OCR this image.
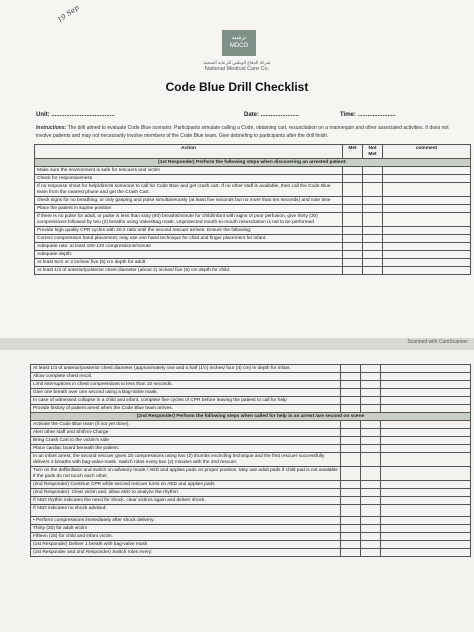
19 Sep
ترشيد
MDCO
شركة الدفاع الوطني للرعاية الصحية
National Medical Care Co.
Code Blue Drill Checklist
Unit: ......................................	Date: .......................	Time: .......................
Instructions: The drill aimed to evaluate Code Blue scenario: Participants simulate calling a Code, obtaining cart, resuscitation on a mannequin and other associated activities. It does not involve patients and may not necessarily involve members of the Code Blue team. Give debriefing to participants after the drill finish.
Action	Met	Not Met	comment
(1st Responder) Perform the following steps when discovering an arrested patient:			
Make sure the environment is safe for rescuers and victim			
Check for responsiveness			
If no response shout for help/directs someone to call for Code Blue and get crash cart. If no other staff is available, then call the Code Blue team from the nearest phone and get the Crash Cart.			
check signs for no breathing, or only gasping and pulse simultaneously (at least five seconds but no more than ten seconds) and note time			
Place the patient in supine position			
If there is no pulse for adult, or pulse is less than sixty (60) breaths/minute for child/infant with signs of poor perfusion, give thirty (30) compressions followed by two (2) breaths using Valve/Bag mask. Unprotected mouth-to-mouth resuscitation is not to be performed			
Provide high quality CPR cycles with 30:2 ratio until the second rescuer arrives. Ensure the following:			
Correct compression hand placement; may use one hand technique for child and finger placement for infant.			
Adequate rate: at least 100-120 compressions/minute			
Adequate depth:			
At least 5cm or 2 inches/ five (5) cm depth for adult			
At least 1/3 of anterior/posterior chest diameter (about 2) inches/ five (5) cm depth for child.			
Scanned with CamScanner
At least 1/3 of anterior/posterior chest diameter (approximately one and a half (1½) inches/ four (4) cm) in depth for infant.			
Allow complete chest recoil.			
Limit interruptions in chest compressions to less than 10 seconds.			
Give one breath over one second using a Bag-Valve mask.			
In case of witnessed collapse in a child and infant, complete five cycles of CPR before leaving the patient to call for help			
Provide history of patient arrest when the Code Blue team arrives.			
(2nd Responder) Perform the following steps when called for help in an arrest /are second on scene			
Activate the Code Blue team (if not yet done).			
Alert other staff and Shift-in-Charge			
Bring Crash Cart to the victim's side			
Place cardiac board beneath the patient.			
In an infant arrest, the second rescuer gives 15 compressions using two (2) thumbs encircling technique and the first rescuer successfully delivers 2 breaths with bag-valve-mask. Switch roles every two (2) minutes with the 2nd rescuer.			
Turn on the defibrillator and switch on advisory mode / AED and applies pads on proper position. May use adult pads if child pad is not available if the pads do not touch each other.			
(2nd Responder) Continue CPR while second rescuer turns on AED and applies pads			
(2nd Responder): Clear victim and, allow AED to analyze the rhythm			
If AED rhythm indicates the need for shock, clear victims again and deliver shock.			
If AED indicates no shock advised:			
• Perform compressions immediately after shock delivery:			
Thirty (30) for adult victim			
Fifteen (15) for child and infant victim.			
(1st Responder) Deliver 1 breath with bag-valve mask			
(1st Responder and 2nd Responder) Switch roles every:			
